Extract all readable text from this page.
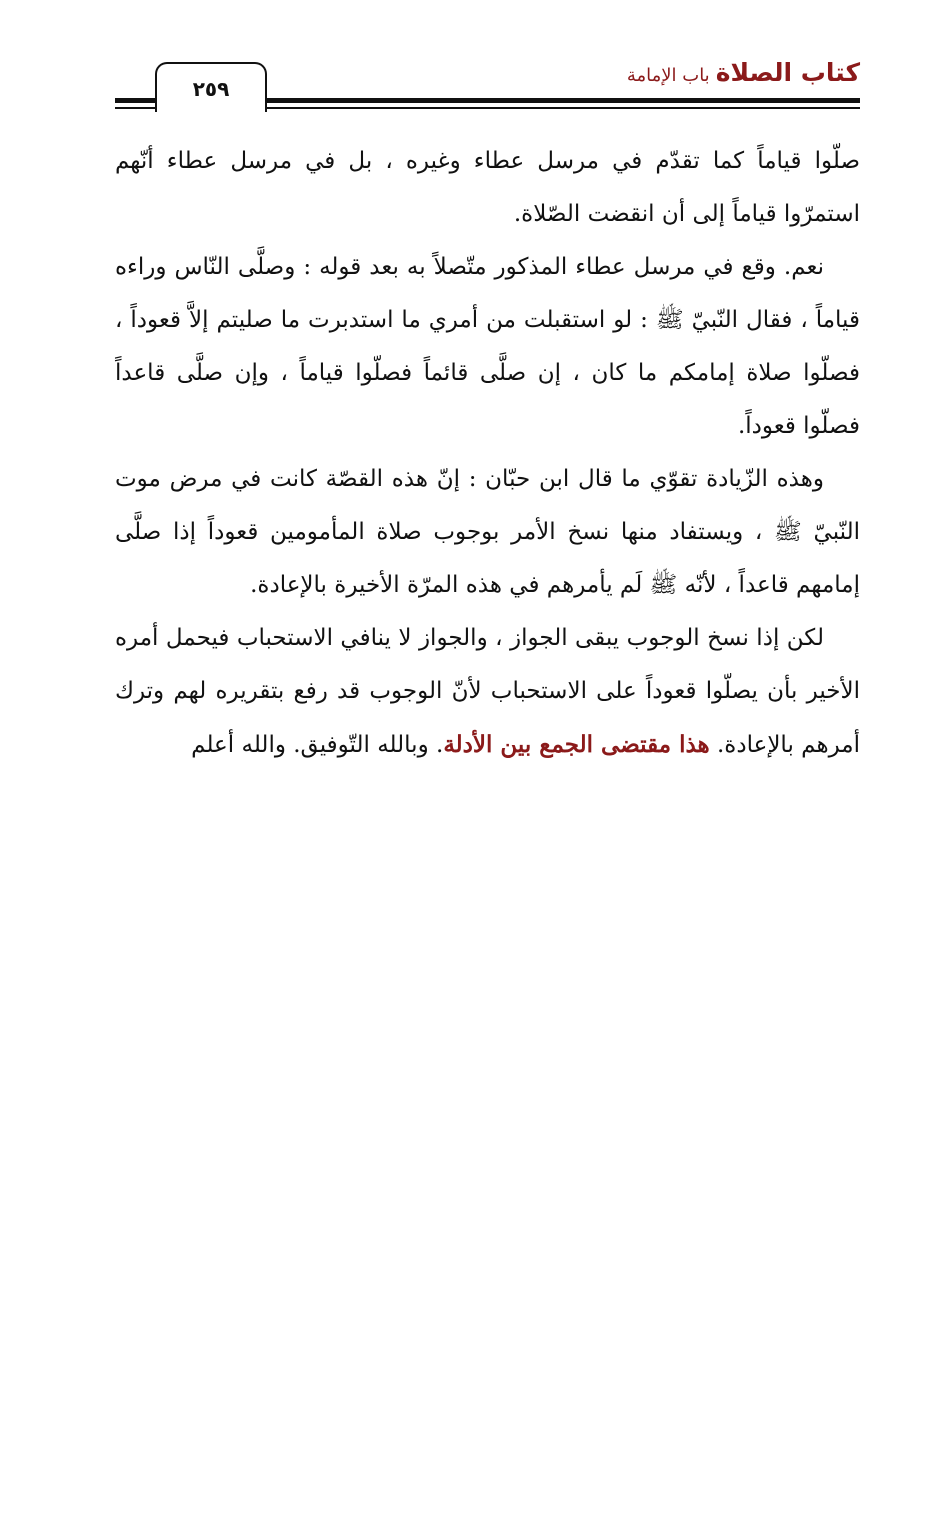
كتاب الصلاةباب الإمامة
٢٥٩

صلّوا قياماً كما تقدّم في مرسل عطاء وغيره ، بل في مرسل عطاء أنّهم استمرّوا قياماً إلى أن انقضت الصّلاة.

نعم. وقع في مرسل عطاء المذكور متّصلاً به بعد قوله : وصلَّى النّاس وراءه قياماً ، فقال النّبيّ ﷺ : لو استقبلت من أمري ما استدبرت ما صليتم إلاَّ قعوداً ، فصلّوا صلاة إمامكم ما كان ، إن صلَّى قائماً فصلّوا قياماً ، وإن صلَّى قاعداً فصلّوا قعوداً.

وهذه الزّيادة تقوّي ما قال ابن حبّان : إنّ هذه القصّة كانت في مرض موت النّبيّ ﷺ ، ويستفاد منها نسخ الأمر بوجوب صلاة المأمومين قعوداً إذا صلَّى إمامهم قاعداً ، لأنّه ﷺ لَم يأمرهم في هذه المرّة الأخيرة بالإعادة.

لكن إذا نسخ الوجوب يبقى الجواز ، والجواز لا ينافي الاستحباب فيحمل أمره الأخير بأن يصلّوا قعوداً على الاستحباب لأنّ الوجوب قد رفع بتقريره لهم وترك أمرهم بالإعادة. هذا مقتضى الجمع بين الأدلة. وبالله التّوفيق. والله أعلم
